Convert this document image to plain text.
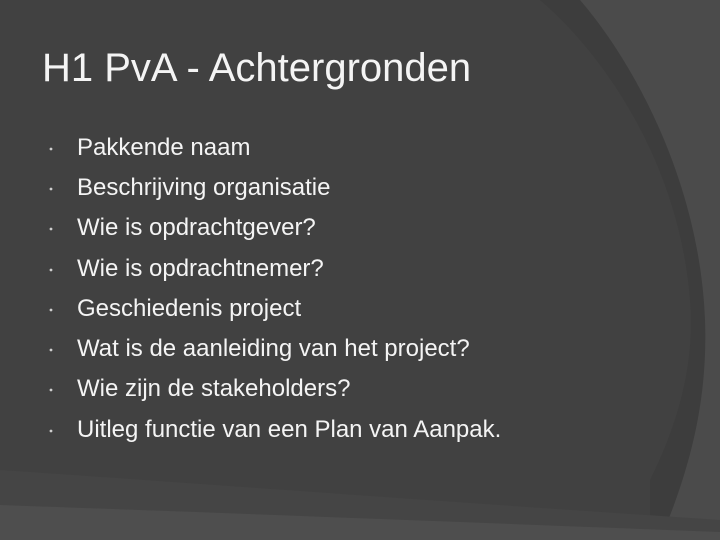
H1 PvA - Achtergronden
Pakkende naam
Beschrijving organisatie
Wie is opdrachtgever?
Wie is opdrachtnemer?
Geschiedenis project
Wat is de aanleiding van het project?
Wie zijn de stakeholders?
Uitleg functie van een Plan van Aanpak.
